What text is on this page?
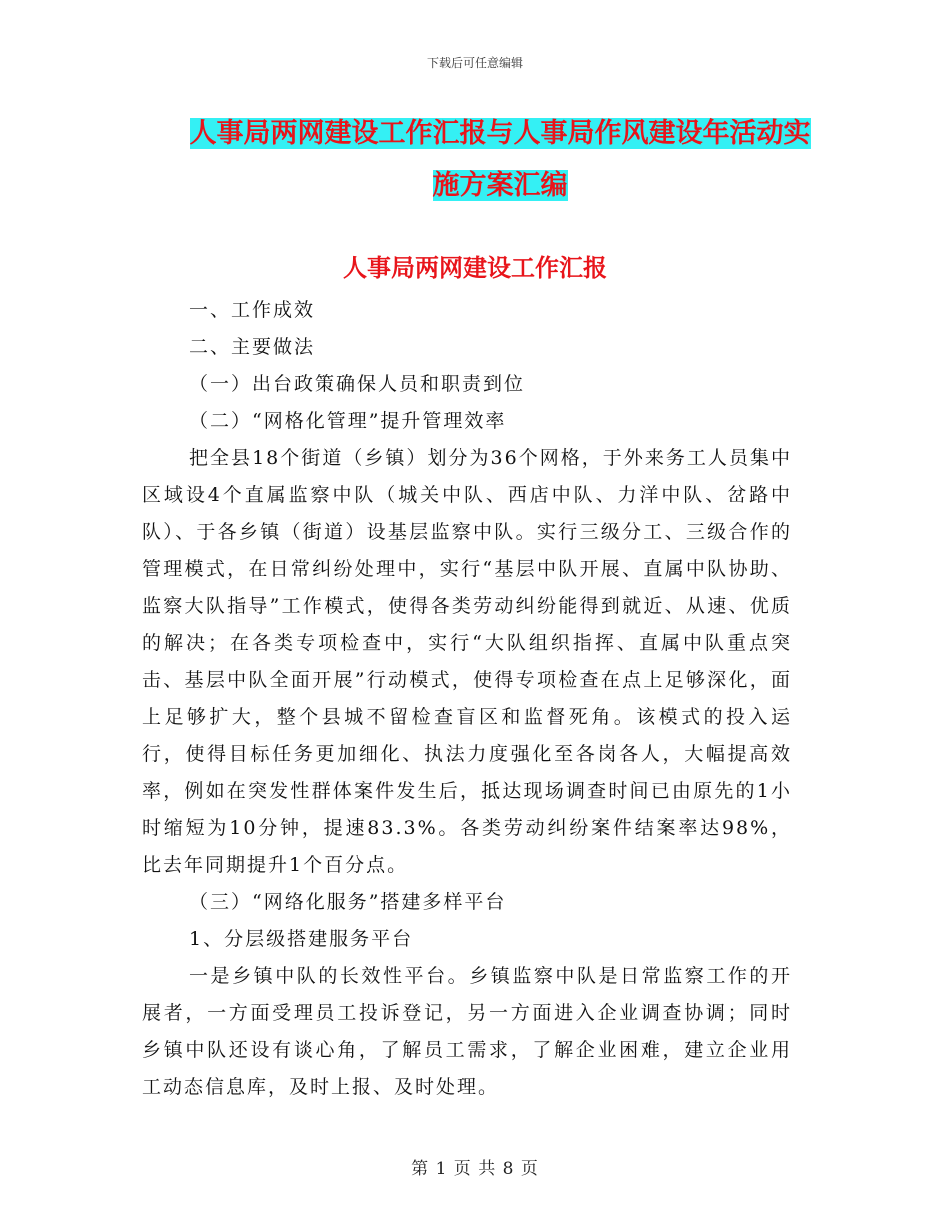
下载后可任意编辑
人事局两网建设工作汇报与人事局作风建设年活动实
施方案汇编
人事局两网建设工作汇报

一、工作成效

二、主要做法

（一）出台政策确保人员和职责到位

（二）“网格化管理”提升管理效率

把全县18个街道（乡镇）划分为36个网格，于外来务工人员集中区域设4个直属监察中队（城关中队、西店中队、力洋中队、岔路中队）、于各乡镇（街道）设基层监察中队。实行三级分工、三级合作的管理模式，在日常纠纷处理中，实行“基层中队开展、直属中队协助、监察大队指导”工作模式，使得各类劳动纠纷能得到就近、从速、优质的解决；在各类专项检查中，实行“大队组织指挥、直属中队重点突击、基层中队全面开展”行动模式，使得专项检查在点上足够深化，面上足够扩大，整个县城不留检查盲区和监督死角。该模式的投入运行，使得目标任务更加细化、执法力度强化至各岗各人，大幅提高效率，例如在突发性群体案件发生后，抵达现场调查时间已由原先的1小时缩短为10分钟，提速83.3%。各类劳动纠纷案件结案率达98%，比去年同期提升1个百分点。

（三）“网络化服务”搭建多样平台

1、分层级搭建服务平台

一是乡镇中队的长效性平台。乡镇监察中队是日常监察工作的开展者，一方面受理员工投诉登记，另一方面进入企业调查协调；同时乡镇中队还设有谈心角，了解员工需求，了解企业困难，建立企业用工动态信息库，及时上报、及时处理。

第 1 页 共 8 页
